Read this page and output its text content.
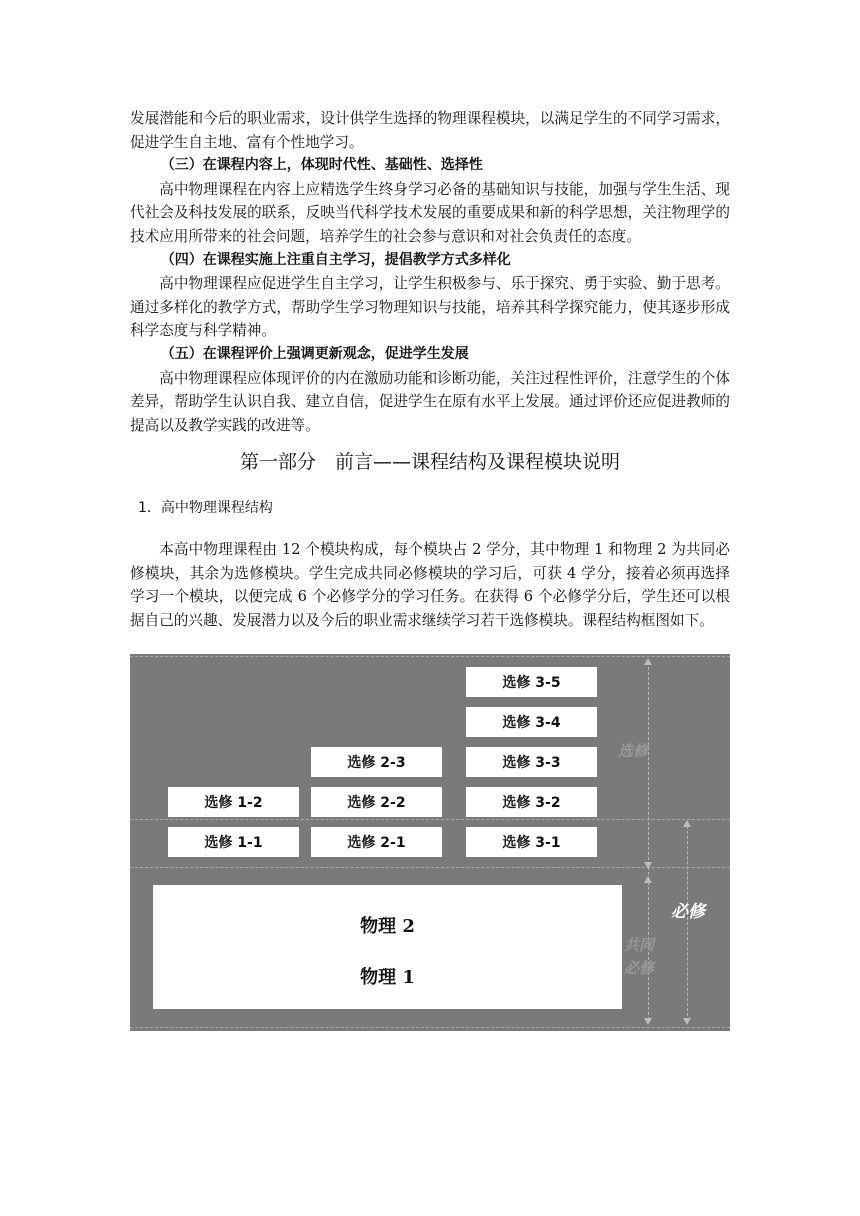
发展潜能和今后的职业需求，设计供学生选择的物理课程模块，以满足学生的不同学习需求，促进学生自主地、富有个性地学习。

（三）在课程内容上，体现时代性、基础性、选择性

高中物理课程在内容上应精选学生终身学习必备的基础知识与技能，加强与学生生活、现代社会及科技发展的联系，反映当代科学技术发展的重要成果和新的科学思想，关注物理学的技术应用所带来的社会问题，培养学生的社会参与意识和对社会负责任的态度。

（四）在课程实施上注重自主学习，提倡教学方式多样化

高中物理课程应促进学生自主学习，让学生积极参与、乐于探究、勇于实验、勤于思考。通过多样化的教学方式，帮助学生学习物理知识与技能，培养其科学探究能力，使其逐步形成科学态度与科学精神。

（五）在课程评价上强调更新观念，促进学生发展

高中物理课程应体现评价的内在激励功能和诊断功能，关注过程性评价，注意学生的个体差异，帮助学生认识自我、建立自信，促进学生在原有水平上发展。通过评价还应促进教师的提高以及教学实践的改进等。

第一部分　前言——课程结构及课程模块说明
1．高中物理课程结构

本高中物理课程由 12 个模块构成，每个模块占 2 学分，其中物理 1 和物理 2 为共同必修模块，其余为选修模块。学生完成共同必修模块的学习后，可获 4 学分，接着必须再选择学习一个模块，以便完成 6 个必修学分的学习任务。在获得 6 个必修学分后，学生还可以根据自己的兴趣、发展潜力以及今后的职业需求继续学习若干选修模块。课程结构框图如下。

选修 1-2
选修 1-1
选修 2-3
选修 2-2
选修 2-1
选修 3-5
选修 3-4
选修 3-3
选修 3-2
选修 3-1
物理 2
物理 1
选修
必修
共同
必修
